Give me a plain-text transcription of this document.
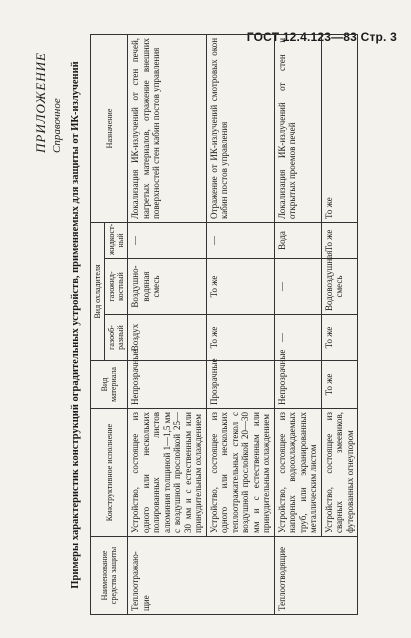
ГОСТ 12.4.123—83 Стр. 3
ПРИЛОЖЕНИЕ Справочное Примеры характеристик конструкций оградительных устройств, применяемых для защиты от ИК-излучений Наименование средства защиты	Конструктивное исполнение	Вид материала	Вид охладителя			Назначение
			газооб-разный	газожид-костный	жидкост-ный	
Теплоотражаю-щие	Устройство, состоящее из одного или нескольких полированных листов алюминия толщиной 1—1,5 мм с воздушной прослойкой 25—30 мм и с естественным или принудительным охлаждением	Непрозрачные	Воздух	Воздушно-водяная смесь	—	Локализация ИК-излучений от стен печей, нагретых материалов, отражение внешних поверхностей стен кабин постов управления
	Устройство, состоящее из одного или нескольких теплоотражательных стекол с воздушной прослойкой 20—30 мм и с естественным или принудительным охлаждением	Прозрачные	То же	То же	—	Отражение от ИК-излучений смотровых окон кабин постов управления
Теплоотводящие	Устройство, состоящее из напорных водоохлаждаемых труб, или экранированных металлическим листом	Непрозрачные	—	—	Вода	Локализация ИК-излучений от стен и открытых проемов печей
	Устройство, состоящее из сварных змеевиков, футерованных огнеупором	То же	То же	Водовоздушная смесь	То же	То же
